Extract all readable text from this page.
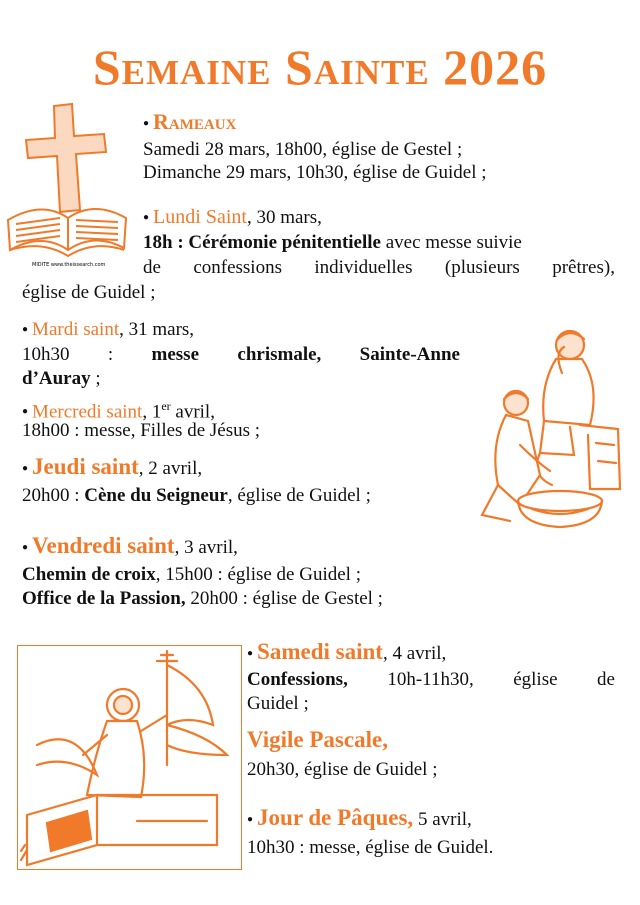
Semaine Sainte 2026
MIDITE www.theissearch.com
● Rameaux
Samedi 28 mars, 18h00, église de Gestel ;
Dimanche 29 mars, 10h30, église de Guidel ;
● Lundi Saint, 30 mars,
18h : Cérémonie pénitentielle avec messe suivie
de confessions individuelles (plusieurs prêtres),
église de Guidel ;
● Mardi saint, 31 mars,
10h30 : messe chrismale, Sainte-Anne
d’Auray ;
● Mercredi saint, 1er avril,
18h00 : messe, Filles de Jésus ;
● Jeudi saint, 2 avril,
20h00 : Cène du Seigneur, église de Guidel ;
● Vendredi saint, 3 avril,
Chemin de croix, 15h00 : église de Guidel ;
Office de la Passion, 20h00 : église de Gestel ;
● Samedi saint, 4 avril,
Confessions, 10h-11h30, église de
Guidel ;
Vigile Pascale,
20h30, église de Guidel ;
● Jour de Pâques, 5 avril,
10h30 : messe, église de Guidel.
